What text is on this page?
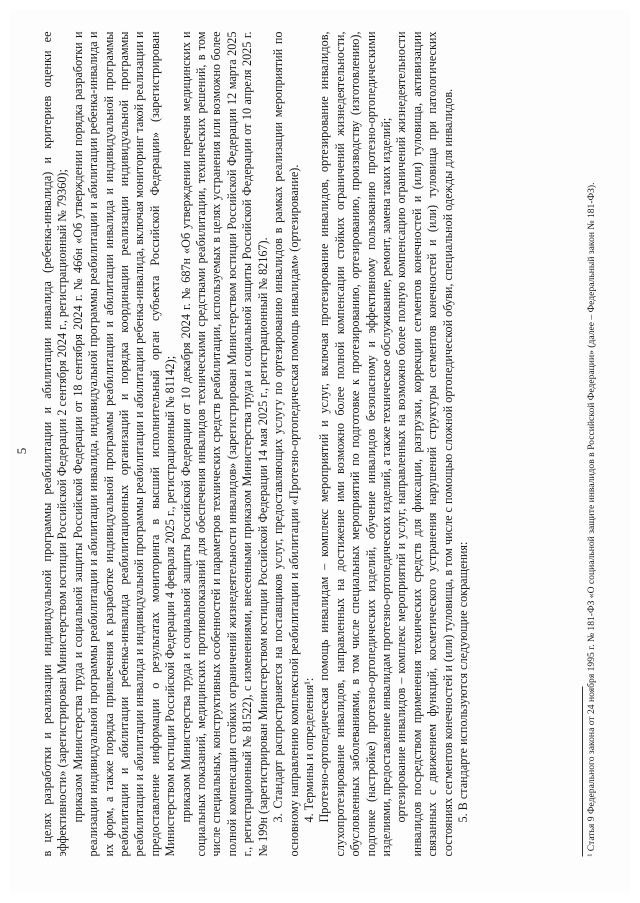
5 в целях разработки и реализации индивидуальной программы реабилитации и абилитации инвалида (ребенка-инвалида) и критериев оценки ее эффективности» (зарегистрирован Министерством юстиции Российской Федерации 2 сентября 2024 г., регистрационный № 79360); приказом Министерства труда и социальной защиты Российской Федерации от 18 сентября 2024 г. № 466н «Об утверждении порядка разработки и реализации индивидуальной программы реабилитации и абилитации инвалида, индивидуальной программы реабилитации и абилитации ребенка-инвалида и их форм, а также порядка привлечения к разработке индивидуальной программы реабилитации и абилитации инвалида и индивидуальной программы реабилитации и абилитации ребенка-инвалида реабилитационных организаций и порядка координации реализации индивидуальной программы реабилитации и абилитации инвалида и индивидуальной программы реабилитации и абилитации ребенка-инвалида, включая мониторинг такой реализации и предоставление информации о результатах мониторинга в высший исполнительный орган субъекта Российской Федерации» (зарегистрирован Министерством юстиции Российской Федерации 4 февраля 2025 г., регистрационный № 81142); приказом Министерства труда и социальной защиты Российской Федерации от 10 декабря 2024 г. № 687н «Об утверждении перечня медицинских и социальных показаний, медицинских противопоказаний для обеспечения инвалидов техническими средствами реабилитации, технических решений, в том числе специальных, конструктивных особенностей и параметров технических средств реабилитации, используемых в целях устранения или возможно более полной компенсации стойких ограничений жизнедеятельности инвалидов» (зарегистрирован Министерством юстиции Российской Федерации 12 марта 2025 г., регистрационный № 81522), с изменениями, внесенными приказом Министерства труда и социальной защиты Российской Федерации от 10 апреля 2025 г. № 199н (зарегистрирован Министерством юстиции Российской Федерации 14 мая 2025 г., регистрационный № 82167). 3. Стандарт распространяется на поставщиков услуг, предоставляющих услугу по ортезированию инвалидов в рамках реализации мероприятий по основному направлению комплексной реабилитации и абилитации «Протезно-ортопедическая помощь инвалидам» (ортезирование). 4. Термины и определения¹: Протезно-ортопедическая помощь инвалидам – комплекс мероприятий и услуг, включая протезирование инвалидов, ортезирование инвалидов, слухопротезирование инвалидов, направленных на достижение ими возможно более полной компенсации стойких ограничений жизнедеятельности, обусловленных заболеваниями, в том числе специальных мероприятий по подготовке к протезированию, ортезированию, производству (изготовлению), подгонке (настройке) протезно-ортопедических изделий, обучение инвалидов безопасному и эффективному пользованию протезно-ортопедическими изделиями, предоставление инвалидам протезно-ортопедических изделий, а также техническое обслуживание, ремонт, замена таких изделий; ортезирование инвалидов – комплекс мероприятий и услуг, направленных на возможно более полную компенсацию ограничений жизнедеятельности инвалидов посредством применения технических средств для фиксации, разгрузки, коррекции сегментов конечностей и (или) туловища, активизации связанных с движением функций, косметического устранения нарушений структуры сегментов конечностей и (или) туловища при патологических состояниях сегментов конечностей и (или) туловища, в том числе с помощью сложной ортопедической обуви, специальной одежды для инвалидов. 5. В стандарте используются следующие сокращения:	¹ Статья 9 Федерального закона от 24 ноября 1995 г. № 181-ФЗ «О социальной защите инвалидов в Российской Федерации» (далее – Федеральный закон № 181-ФЗ).
